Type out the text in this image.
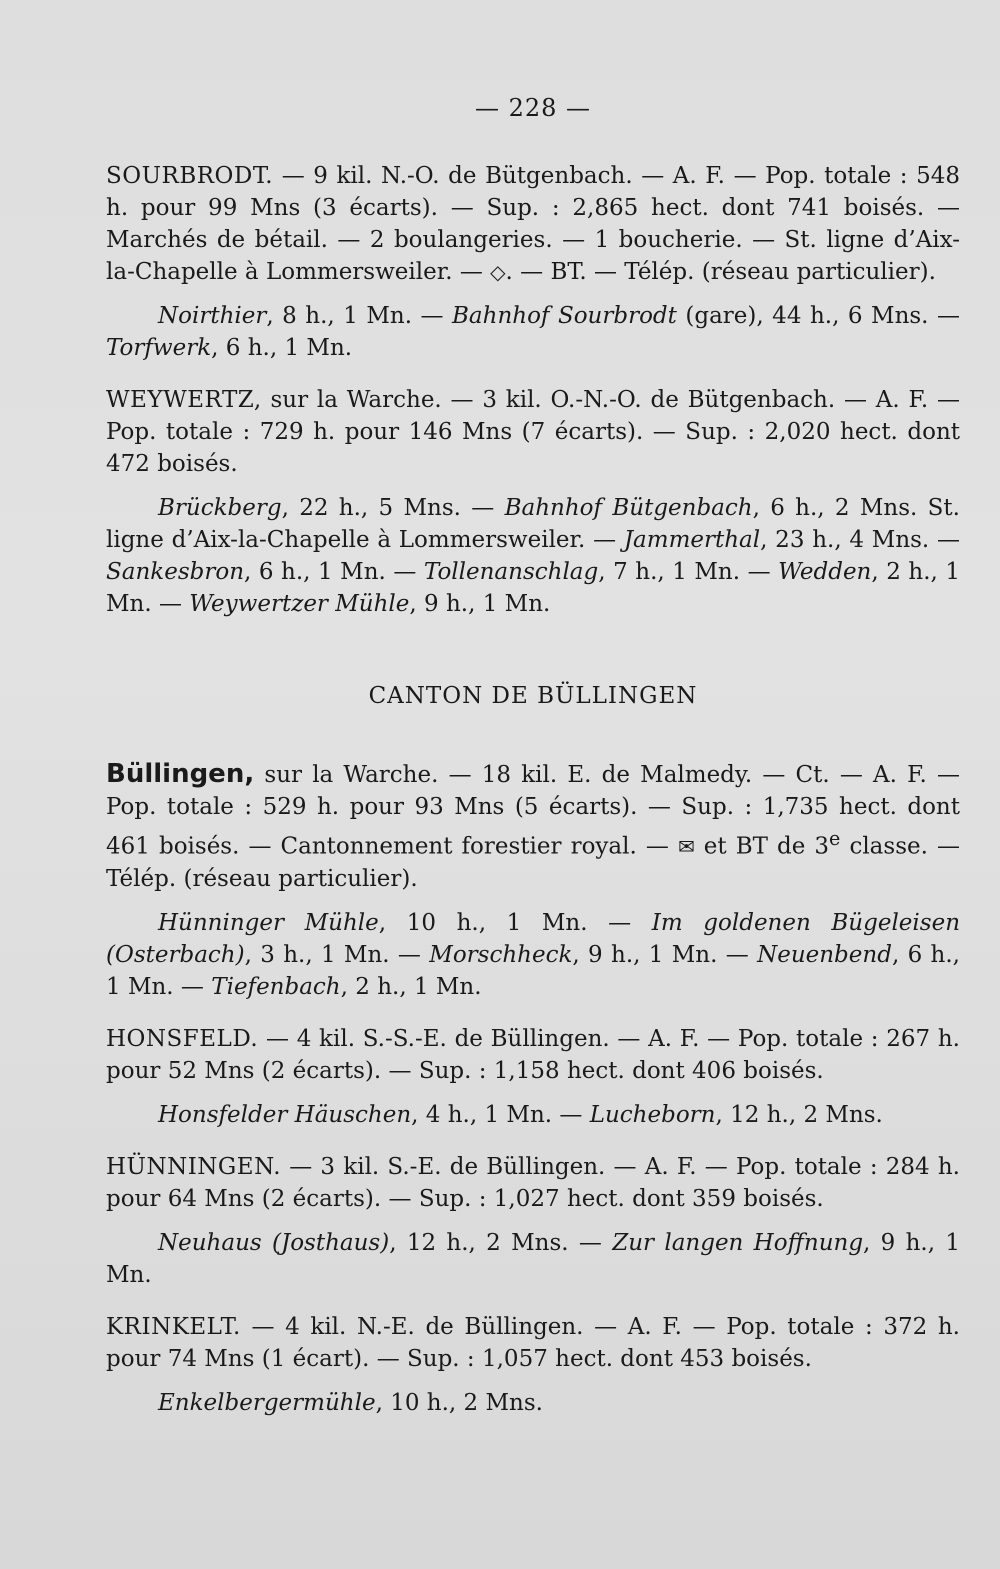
— 228 —

SOURBRODT. — 9 kil. N.-O. de Bütgenbach. — A. F. — Pop. totale : 548 h. pour 99 Mns (3 écarts). — Sup. : 2,865 hect. dont 741 boisés. — Marchés de bétail. — 2 boulangeries. — 1 boucherie. — St. ligne d’Aix-la-Chapelle à Lommersweiler. — ◇. — BT. — Télép. (réseau particulier).

Noirthier, 8 h., 1 Mn. — Bahnhof Sourbrodt (gare), 44 h., 6 Mns. — Torfwerk, 6 h., 1 Mn.

WEYWERTZ, sur la Warche. — 3 kil. O.-N.-O. de Bütgenbach. — A. F. — Pop. totale : 729 h. pour 146 Mns (7 écarts). — Sup. : 2,020 hect. dont 472 boisés.

Brückberg, 22 h., 5 Mns. — Bahnhof Bütgenbach, 6 h., 2 Mns. St. ligne d’Aix-la-Chapelle à Lommersweiler. — Jammerthal, 23 h., 4 Mns. — Sankesbron, 6 h., 1 Mn. — Tollenanschlag, 7 h., 1 Mn. — Wedden, 2 h., 1 Mn. — Weywertzer Mühle, 9 h., 1 Mn.

CANTON DE BÜLLINGEN

Büllingen, sur la Warche. — 18 kil. E. de Malmedy. — Ct. — A. F. — Pop. totale : 529 h. pour 93 Mns (5 écarts). — Sup. : 1,735 hect. dont 461 boisés. — Cantonnement forestier royal. — ✉ et BT de 3e classe. — Télép. (réseau particulier).

Hünninger Mühle, 10 h., 1 Mn. — Im goldenen Bügeleisen (Osterbach), 3 h., 1 Mn. — Morschheck, 9 h., 1 Mn. — Neuenbend, 6 h., 1 Mn. — Tiefenbach, 2 h., 1 Mn.

HONSFELD. — 4 kil. S.-S.-E. de Büllingen. — A. F. — Pop. totale : 267 h. pour 52 Mns (2 écarts). — Sup. : 1,158 hect. dont 406 boisés.

Honsfelder Häuschen, 4 h., 1 Mn. — Lucheborn, 12 h., 2 Mns.

HÜNNINGEN. — 3 kil. S.-E. de Büllingen. — A. F. — Pop. totale : 284 h. pour 64 Mns (2 écarts). — Sup. : 1,027 hect. dont 359 boisés.

Neuhaus (Josthaus), 12 h., 2 Mns. — Zur langen Hoffnung, 9 h., 1 Mn.

KRINKELT. — 4 kil. N.-E. de Büllingen. — A. F. — Pop. totale : 372 h. pour 74 Mns (1 écart). — Sup. : 1,057 hect. dont 453 boisés.

Enkelbergermühle, 10 h., 2 Mns.
